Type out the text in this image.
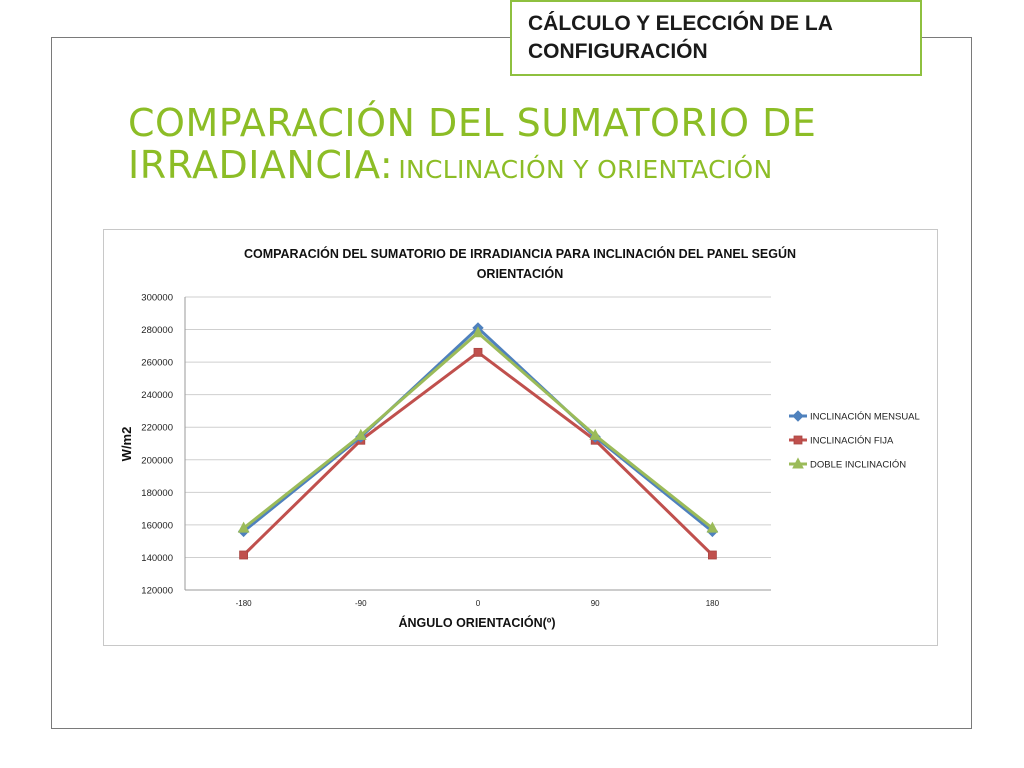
CÁLCULO Y ELECCIÓN DE LA
CONFIGURACIÓN
COMPARACIÓN DEL SUMATORIO DE
IRRADIANCIA: INCLINACIÓN Y ORIENTACIÓN
COMPARACIÓN DEL SUMATORIO DE IRRADIANCIA PARA INCLINACIÓN DEL PANEL SEGÚN
ORIENTACIÓN
120000
140000
160000
180000
200000
220000
240000
260000
280000
300000
-180	-90	0	90	180
W/m2
ÁNGULO ORIENTACIÓN(º)
INCLINACIÓN MENSUAL
INCLINACIÓN FIJA
DOBLE INCLINACIÓN
